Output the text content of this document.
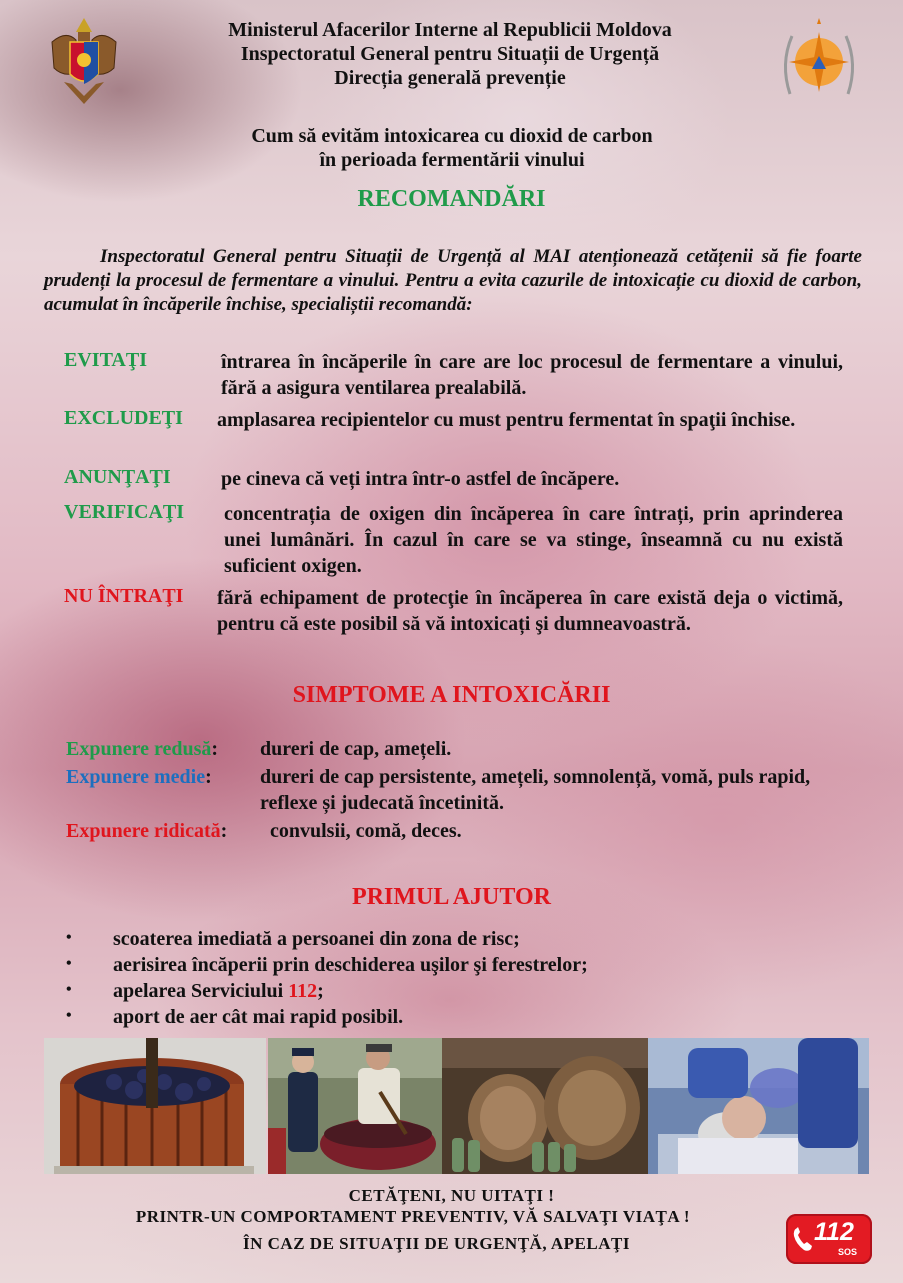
Ministerul Afacerilor Interne al Republicii Moldova
Inspectoratul General pentru Situații de Urgență
Direcția generală prevenție
Cum să evităm intoxicarea cu dioxid de carbon
în perioada fermentării vinului
RECOMANDĂRI
Inspectoratul General pentru Situații de Urgență al MAI atenționează cetățenii să fie foarte prudenți la procesul de fermentare a vinului. Pentru a evita cazurile de intoxicație cu dioxid de carbon, acumulat în încăperile închise, specialiștii recomandă:
EVITAŢI	întrarea în încăperile în care are loc procesul de fermentare a vinului, fără a asigura ventilarea prealabilă.
EXCLUDEŢI amplasarea recipientelor cu must pentru fermentat în spaţii închise.
ANUNŢAŢI	pe cineva că veți intra într-o astfel de încăpere.
VERIFICAŢI concentrația de oxigen din încăperea în care întrați, prin aprinderea unei lumânări. În cazul în care se va stinge, înseamnă cu nu există suficient oxigen.
NU ÎNTRAŢI fără echipament de protecţie în încăperea în care există deja o victimă, pentru că este posibil să vă intoxicați şi dumneavoastră.
SIMPTOME A INTOXICĂRII
Expunere redusă: dureri de cap, amețeli.
Expunere medie: dureri de cap persistente, amețeli, somnolență, vomă, puls rapid, reflexe și judecată încetinită.
Expunere ridicată: convulsii, comă, deces.
PRIMUL AJUTOR
• scoaterea imediată a persoanei din zona de risc;
• aerisirea încăperii prin deschiderea uşilor şi ferestrelor;
• apelarea Serviciului 112;
• aport de aer cât mai rapid posibil.
CETĂŢENI, NU UITAŢI !
PRINTR-UN COMPORTAMENT PREVENTIV, VĂ SALVAŢI VIAŢA !
ÎN CAZ DE SITUAŢII DE URGENŢĂ, APELAŢI	112
SOS
